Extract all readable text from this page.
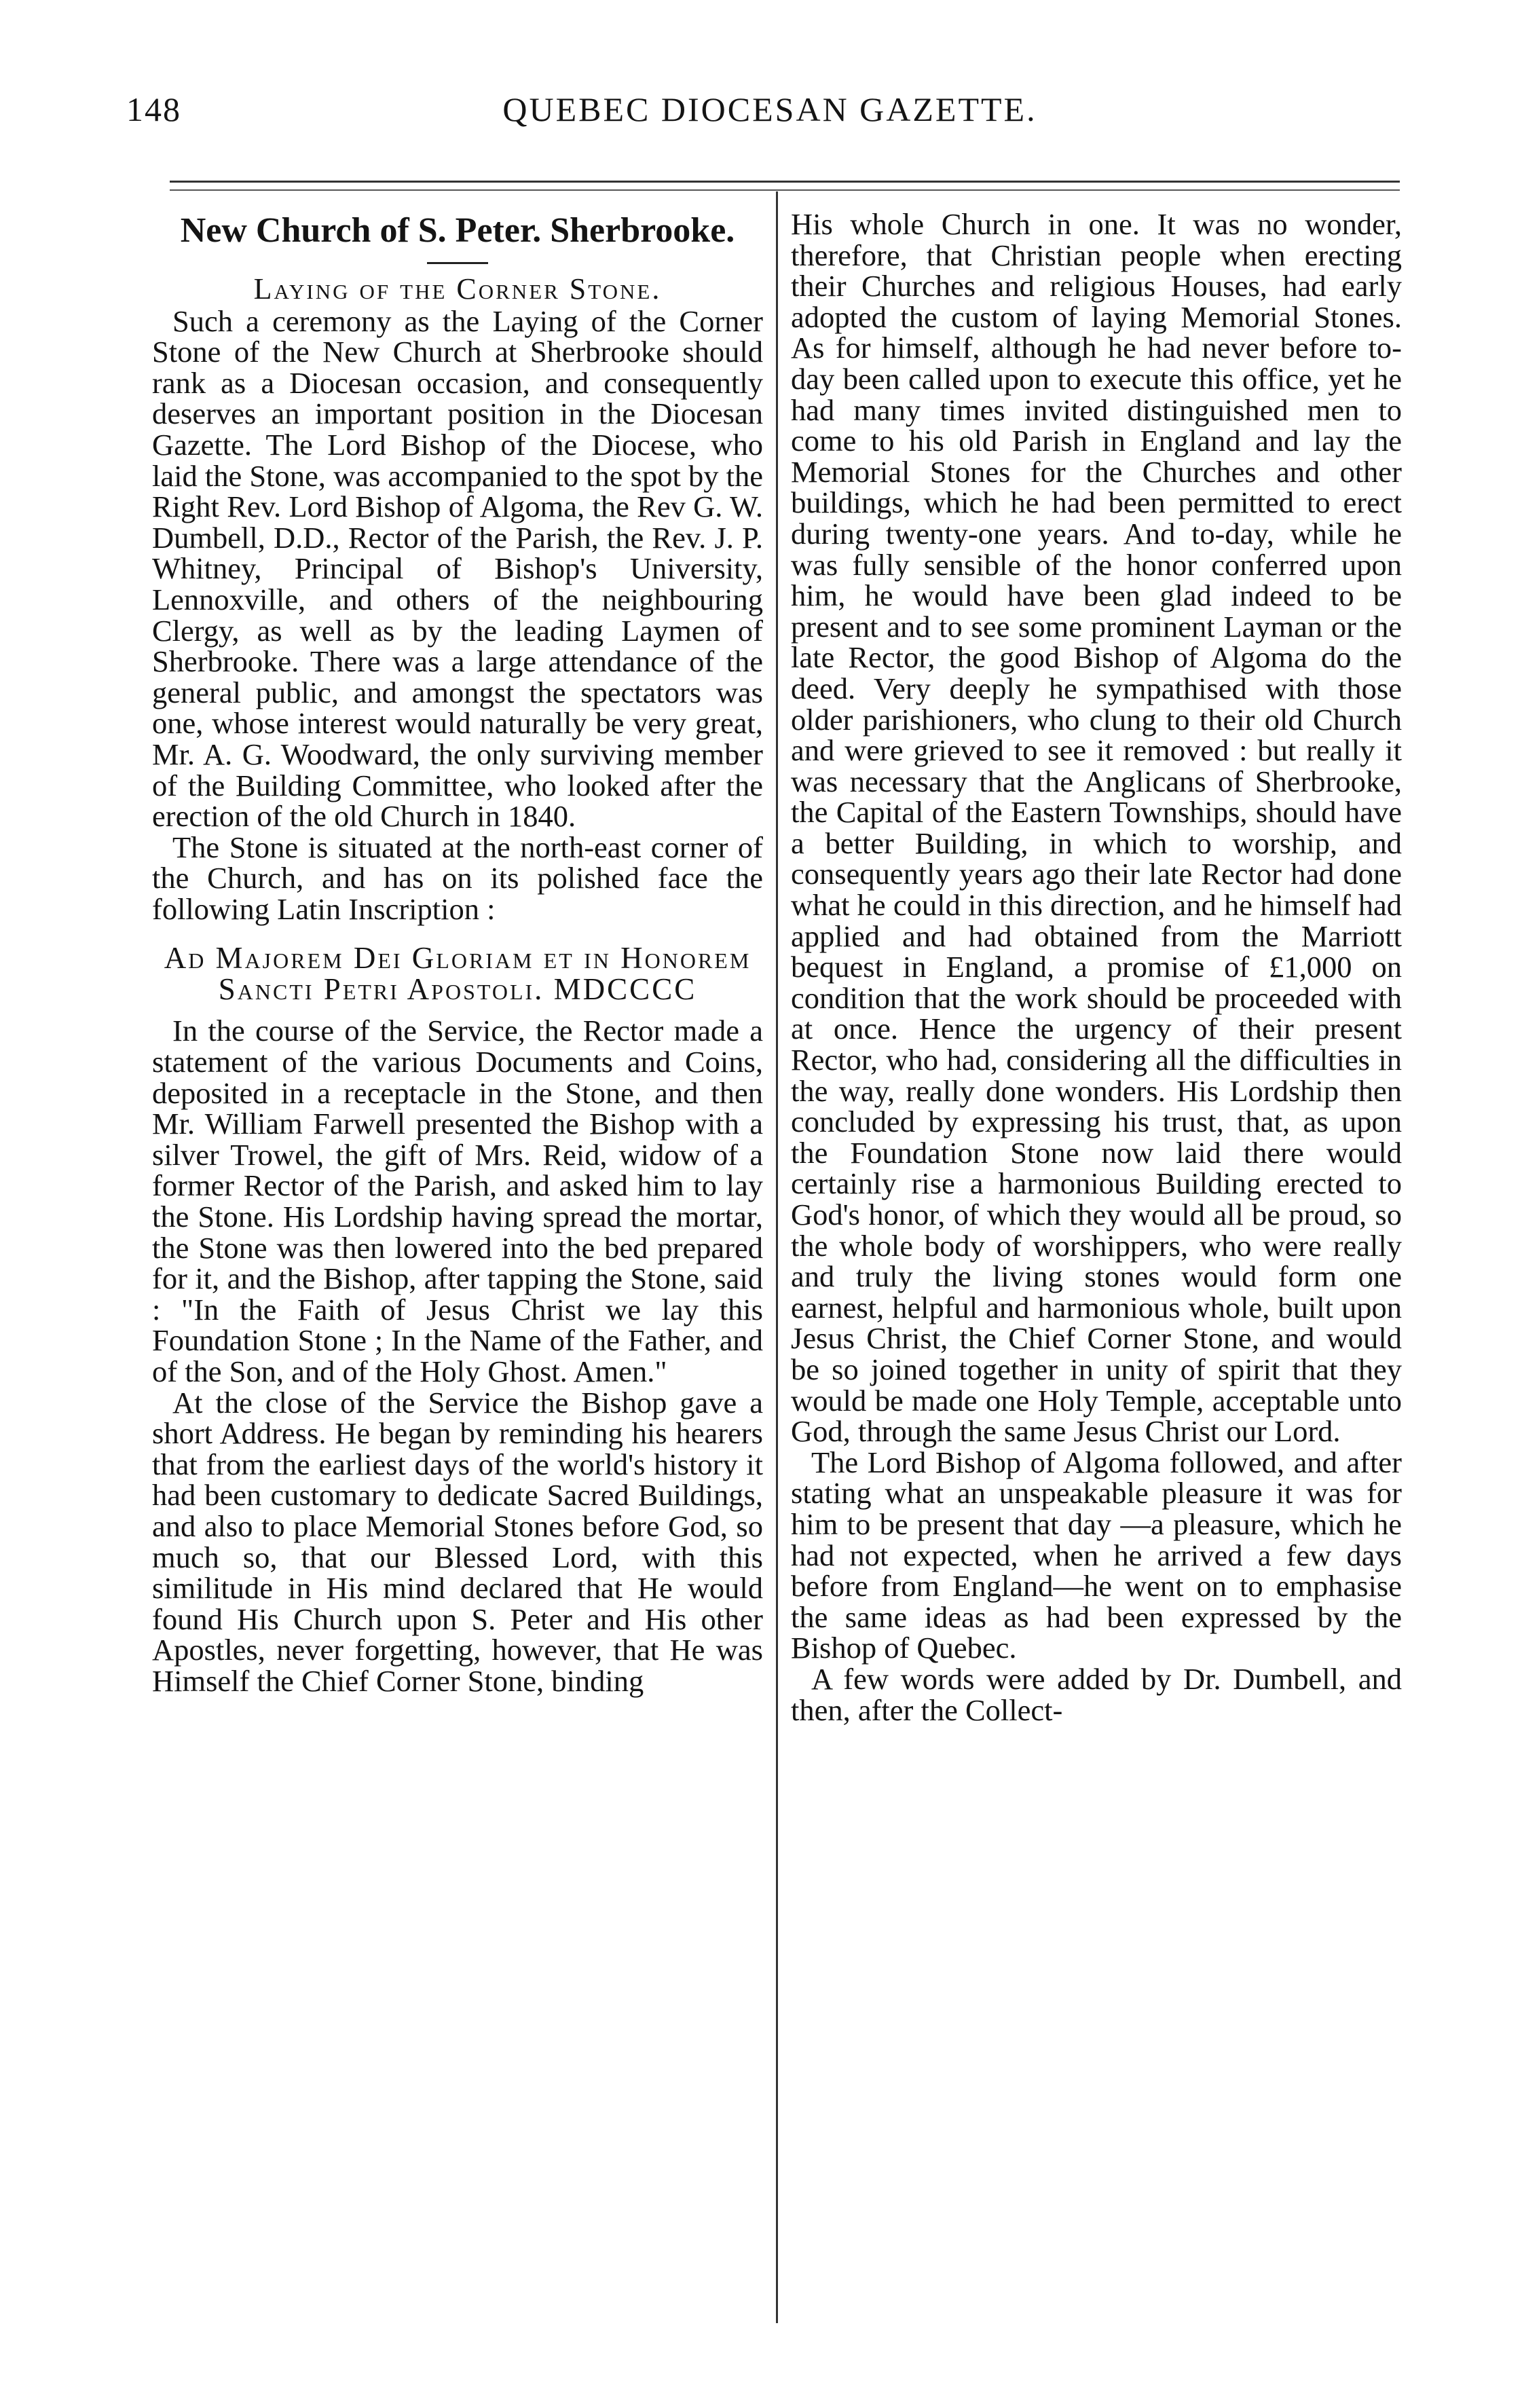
148	QUEBEC DIOCESAN GAZETTE.
New Church of S. Peter. Sherbrooke.
Laying of the Corner Stone.

Such a ceremony as the Laying of the Corner Stone of the New Church at Sherbrooke should rank as a Diocesan occasion, and consequently deserves an important position in the Diocesan Gazette. The Lord Bishop of the Diocese, who laid the Stone, was accompanied to the spot by the Right Rev. Lord Bishop of Algoma, the Rev G. W. Dumbell, D.D., Rector of the Parish, the Rev. J. P. Whitney, Principal of Bishop's University, Lennoxville, and others of the neighbouring Clergy, as well as by the leading Laymen of Sherbrooke. There was a large attendance of the general public, and amongst the spectators was one, whose interest would naturally be very great, Mr. A. G. Woodward, the only surviving member of the Building Committee, who looked after the erection of the old Church in 1840.

The Stone is situated at the north-east corner of the Church, and has on its polished face the following Latin Inscription :

Ad Majorem Dei Gloriam et in Honorem Sancti Petri Apostoli. MDCCCC

In the course of the Service, the Rector made a statement of the various Documents and Coins, deposited in a receptacle in the Stone, and then Mr. William Farwell presented the Bishop with a silver Trowel, the gift of Mrs. Reid, widow of a former Rector of the Parish, and asked him to lay the Stone. His Lordship having spread the mortar, the Stone was then lowered into the bed prepared for it, and the Bishop, after tapping the Stone, said : "In the Faith of Jesus Christ we lay this Foundation Stone ; In the Name of the Father, and of the Son, and of the Holy Ghost. Amen."

At the close of the Service the Bishop gave a short Address. He began by reminding his hearers that from the earliest days of the world's history it had been customary to dedicate Sacred Buildings, and also to place Memorial Stones before God, so much so, that our Blessed Lord, with this similitude in His mind declared that He would found His Church upon S. Peter and His other Apostles, never forgetting, however, that He was Himself the Chief Corner Stone, binding

His whole Church in one. It was no wonder, therefore, that Christian people when erecting their Churches and religious Houses, had early adopted the custom of laying Memorial Stones. As for himself, although he had never before to-day been called upon to execute this office, yet he had many times invited distinguished men to come to his old Parish in England and lay the Memorial Stones for the Churches and other buildings, which he had been permitted to erect during twenty-one years. And to-day, while he was fully sensible of the honor conferred upon him, he would have been glad indeed to be present and to see some prominent Layman or the late Rector, the good Bishop of Algoma do the deed. Very deeply he sympathised with those older parishioners, who clung to their old Church and were grieved to see it removed : but really it was necessary that the Anglicans of Sherbrooke, the Capital of the Eastern Townships, should have a better Building, in which to worship, and consequently years ago their late Rector had done what he could in this direction, and he himself had applied and had obtained from the Marriott bequest in England, a promise of £1,000 on condition that the work should be proceeded with at once. Hence the urgency of their present Rector, who had, considering all the difficulties in the way, really done wonders. His Lordship then concluded by expressing his trust, that, as upon the Foundation Stone now laid there would certainly rise a harmonious Building erected to God's honor, of which they would all be proud, so the whole body of worshippers, who were really and truly the living stones would form one earnest, helpful and harmonious whole, built upon Jesus Christ, the Chief Corner Stone, and would be so joined together in unity of spirit that they would be made one Holy Temple, acceptable unto God, through the same Jesus Christ our Lord.

The Lord Bishop of Algoma followed, and after stating what an unspeakable pleasure it was for him to be present that day —a pleasure, which he had not expected, when he arrived a few days before from England—he went on to emphasise the same ideas as had been expressed by the Bishop of Quebec.

A few words were added by Dr. Dumbell, and then, after the Collect-
